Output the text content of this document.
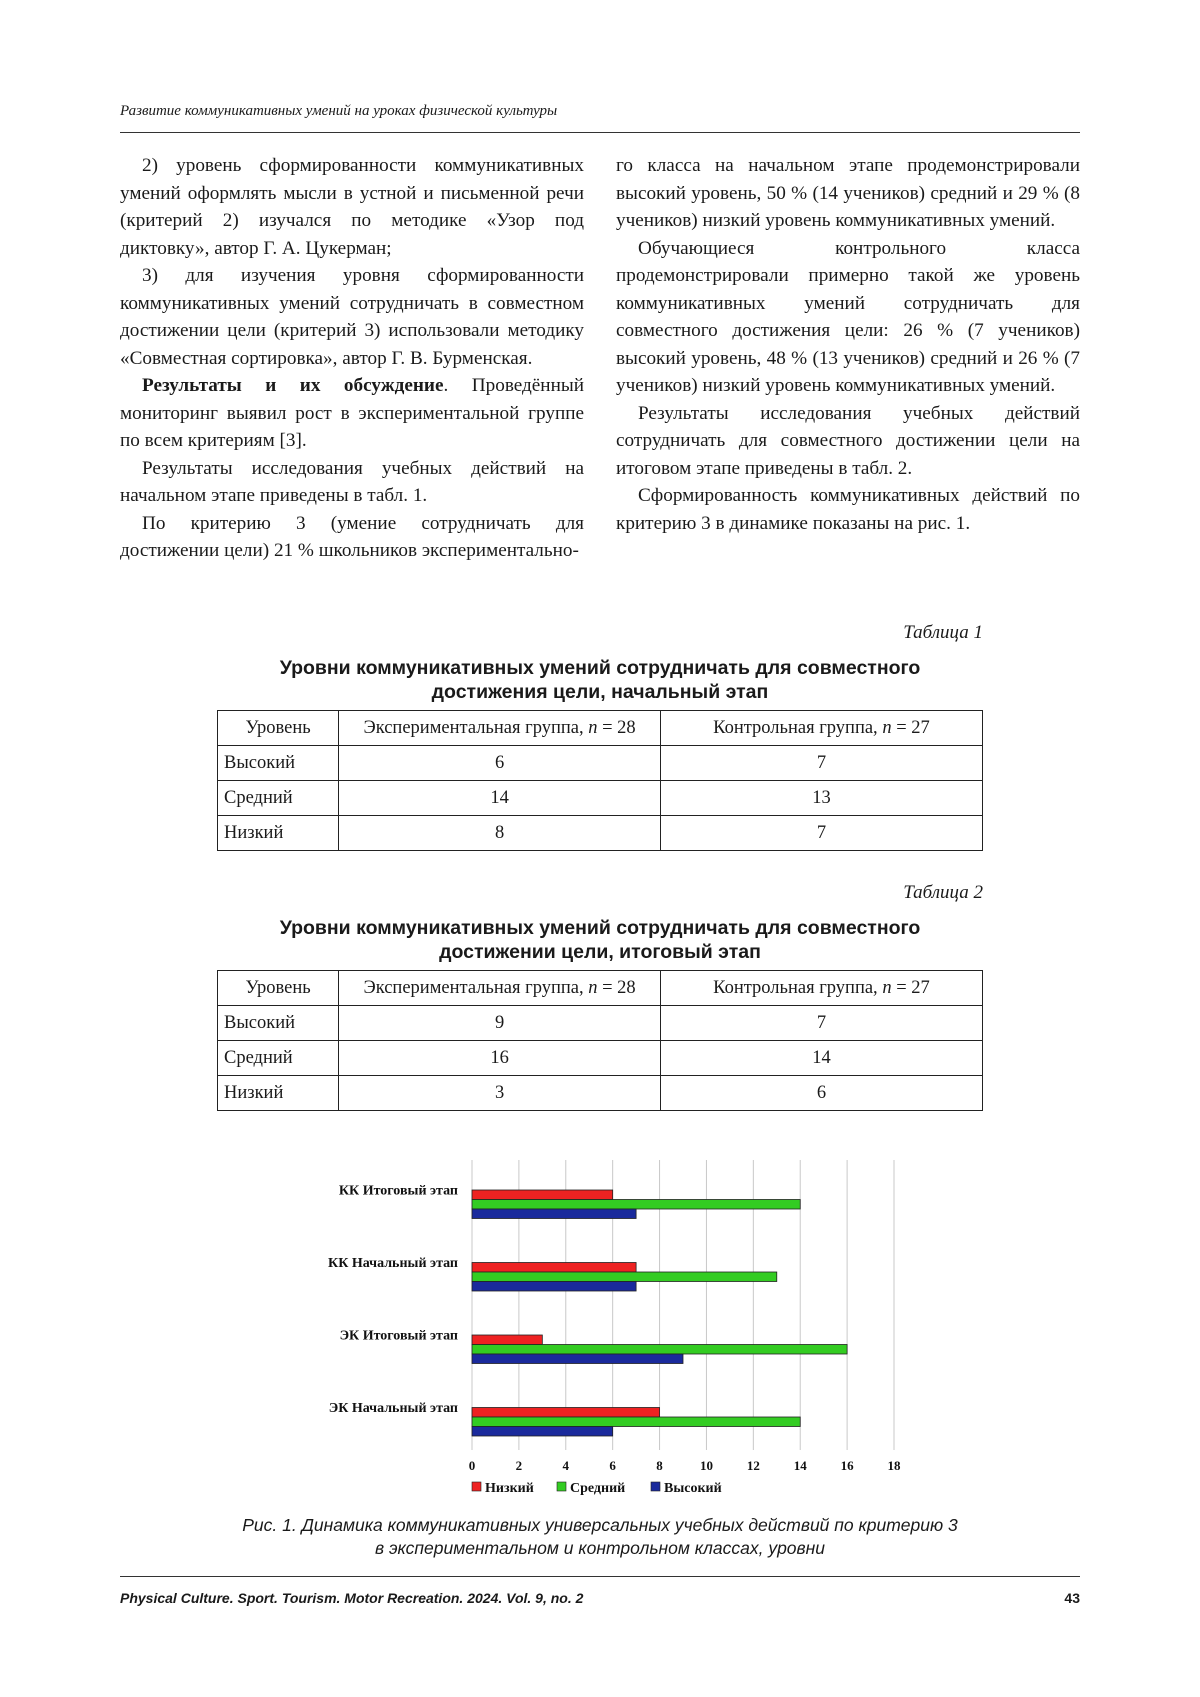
Развитие коммуникативных умений на уроках физической культуры

2) уровень сформированности коммуникативных умений оформлять мысли в устной и письменной речи (критерий 2) изучался по методике «Узор под диктовку», автор Г. А. Цукерман;

3) для изучения уровня сформированности коммуникативных умений сотрудничать в совместном достижении цели (критерий 3) использовали методику «Совместная сортировка», автор Г. В. Бурменская.

Результаты и их обсуждение. Проведённый мониторинг выявил рост в экспериментальной группе по всем критериям [3].

Результаты исследования учебных действий на начальном этапе приведены в табл. 1.

По критерию 3 (умение сотрудничать для достижении цели) 21 % школьников экспериментально-

го класса на начальном этапе продемонстрировали высокий уровень, 50 % (14 учеников) средний и 29 % (8 учеников) низкий уровень коммуникативных умений.

Обучающиеся контрольного класса продемонстрировали примерно такой же уровень коммуникативных умений сотрудничать для совместного достижения цели: 26 % (7 учеников) высокий уровень, 48 % (13 учеников) средний и 26 % (7 учеников) низкий уровень коммуникативных умений.

Результаты исследования учебных действий сотрудничать для совместного достижении цели на итоговом этапе приведены в табл. 2.

Сформированность коммуникативных действий по критерию 3 в динамике показаны на рис. 1.

Таблица 1
Уровни коммуникативных умений сотрудничать для совместного
достижения цели, начальный этап
Уровень	Экспериментальная группа, n = 28	Контрольная группа, n = 27
Высокий	6	7
Средний	14	13
Низкий	8	7
Таблица 2
Уровни коммуникативных умений сотрудничать для совместного
достижении цели, итоговый этап
Уровень	Экспериментальная группа, n = 28	Контрольная группа, n = 27
Высокий	9	7
Средний	16	14
Низкий	3	6
0	2	4	6	8	10	12	14	16	18
КК Итоговый этап
КК Начальный этап
ЭК Итоговый этап
ЭК Начальный этап
Низкий	Средний	Высокий
Рис. 1. Динамика коммуникативных универсальных учебных действий по критерию 3
в экспериментальном и контрольном классах, уровни
Physical Culture. Sport. Tourism. Motor Recreation. 2024. Vol. 9, no. 2	43
